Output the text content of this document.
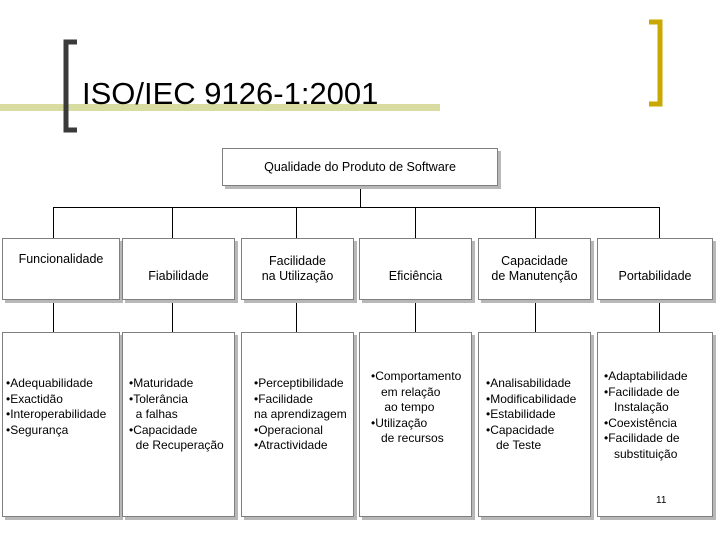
ISO/IEC 9126-1:2001
Qualidade do Produto de Software
Funcionalidade
Fiabilidade
Facilidade
na Utilização	Eficiência
Capacidade
de Manutenção	Portabilidade
•Adequabilidade
•Exactidão
•Interoperabilidade
•Segurança
•Maturidade
•Tolerância
a falhas
•Capacidade
de Recuperação
•Perceptibilidade
•Facilidade
na aprendizagem
•Operacional
•Atractividade
•Comportamento
em relação
ao tempo
•Utilização
de recursos
•Analisabilidade
•Modificabilidade
•Estabilidade
•Capacidade
de Teste
•Adaptabilidade
•Facilidade de
Instalação
•Coexistência
•Facilidade de
substituição
11
